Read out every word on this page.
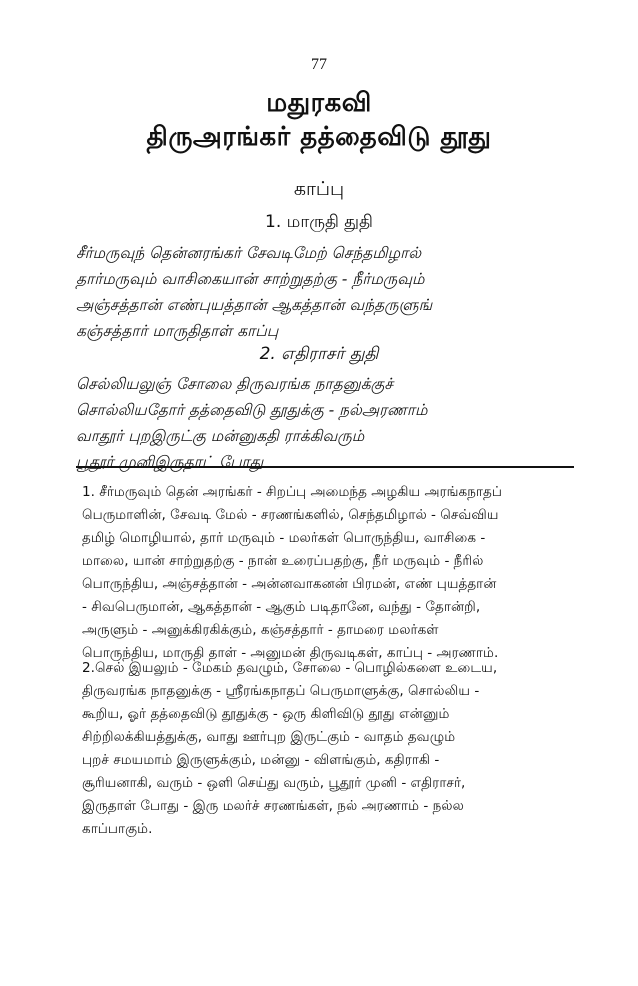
77
மதுரகவி
திருஅரங்கர் தத்தைவிடு தூது
காப்பு
1. மாருதி துதி
சீர்மருவுந் தென்னரங்கர் சேவடிமேற் செந்தமிழால்
தார்மருவும் வாசிகையான் சாற்றுதற்கு - நீர்மருவும்
அஞ்சத்தான் எண்புயத்தான் ஆகத்தான் வந்தருளுங்
கஞ்சத்தார் மாருதிதாள் காப்பு
2. எதிராசர் துதி
செல்லியலுஞ் சோலை திருவரங்க நாதனுக்குச்
சொல்லியதோர் தத்தைவிடு தூதுக்கு - நல்அரணாம்
வாதூர் புறஇருட்கு மன்னுகதி ராக்கிவரும்
பூதூர் முனிஇருதாட் போது
1. சீர்மருவும் தென் அரங்கர் - சிறப்பு அமைந்த அழகிய அரங்கநாதப்
பெருமாளின், சேவடி மேல் - சரணங்களில், செந்தமிழால் - செவ்விய
தமிழ் மொழியால், தார் மருவும் - மலர்கள் பொருந்திய, வாசிகை -
மாலை, யான் சாற்றுதற்கு - நான் உரைப்பதற்கு, நீர் மருவும் - நீரில்
பொருந்திய, அஞ்சத்தான் - அன்னவாகனன் பிரமன், எண் புயத்தான்
- சிவபெருமான், ஆகத்தான் - ஆகும் படிதானே, வந்து - தோன்றி,
அருளும் - அனுக்கிரகிக்கும், கஞ்சத்தார் - தாமரை மலர்கள்
பொருந்திய, மாருதி தாள் - அனுமன் திருவடிகள், காப்பு - அரணாம்.
2.செல் இயலும் - மேகம் தவழும், சோலை - பொழில்களை உடைய,
திருவரங்க நாதனுக்கு - ஸ்ரீரங்கநாதப் பெருமாளுக்கு, சொல்லிய -
கூறிய, ஓர் தத்தைவிடு தூதுக்கு - ஒரு கிளிவிடு தூது என்னும்
சிற்றிலக்கியத்துக்கு, வாது ஊர்புற இருட்கும் - வாதம் தவழும்
புறச் சமயமாம் இருளுக்கும், மன்னு - விளங்கும், கதிராகி -
சூரியனாகி, வரும் - ஒளி செய்து வரும், பூதூர் முனி - எதிராசர்,
இருதாள் போது - இரு மலர்ச் சரணங்கள், நல் அரணாம் - நல்ல
காப்பாகும்.
